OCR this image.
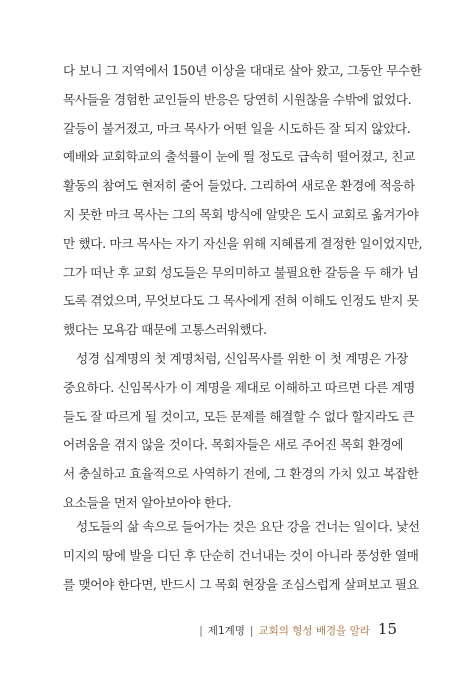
다 보니 그 지역에서 150년 이상을 대대로 살아 왔고, 그동안 무수한
목사들을 경험한 교인들의 반응은 당연히 시원찮을 수밖에 없었다.
갈등이 불거졌고, 마크 목사가 어떤 일을 시도하든 잘 되지 않았다.
예배와 교회학교의 출석률이 눈에 띌 정도로 급속히 떨어졌고, 친교
활동의 참여도 현저히 줄어 들었다. 그리하여 새로운 환경에 적응하
지 못한 마크 목사는 그의 목회 방식에 알맞은 도시 교회로 옮겨가야
만 했다. 마크 목사는 자기 자신을 위해 지혜롭게 결정한 일이었지만,
그가 떠난 후 교회 성도들은 무의미하고 불필요한 갈등을 두 해가 넘
도록 겪었으며, 무엇보다도 그 목사에게 전혀 이해도 인정도 받지 못
했다는 모욕감 때문에 고통스러워했다.
성경 십계명의 첫 계명처럼, 신임목사를 위한 이 첫 계명은 가장
중요하다. 신임목사가 이 계명을 제대로 이해하고 따르면 다른 계명
들도 잘 따르게 될 것이고, 모든 문제를 해결할 수 없다 할지라도 큰
어려움을 겪지 않을 것이다. 목회자들은 새로 주어진 목회 환경에
서 충실하고 효율적으로 사역하기 전에, 그 환경의 가치 있고 복잡한
요소들을 먼저 알아보아야 한다.
성도들의 삶 속으로 들어가는 것은 요단 강을 건너는 일이다. 낯선
미지의 땅에 발을 디딘 후 단순히 건너내는 것이 아니라 풍성한 열매
를 맺어야 한다면, 반드시 그 목회 현장을 조심스럽게 살펴보고 필요
| 제1계명 | 교회의 형성 배경을 알라 15
